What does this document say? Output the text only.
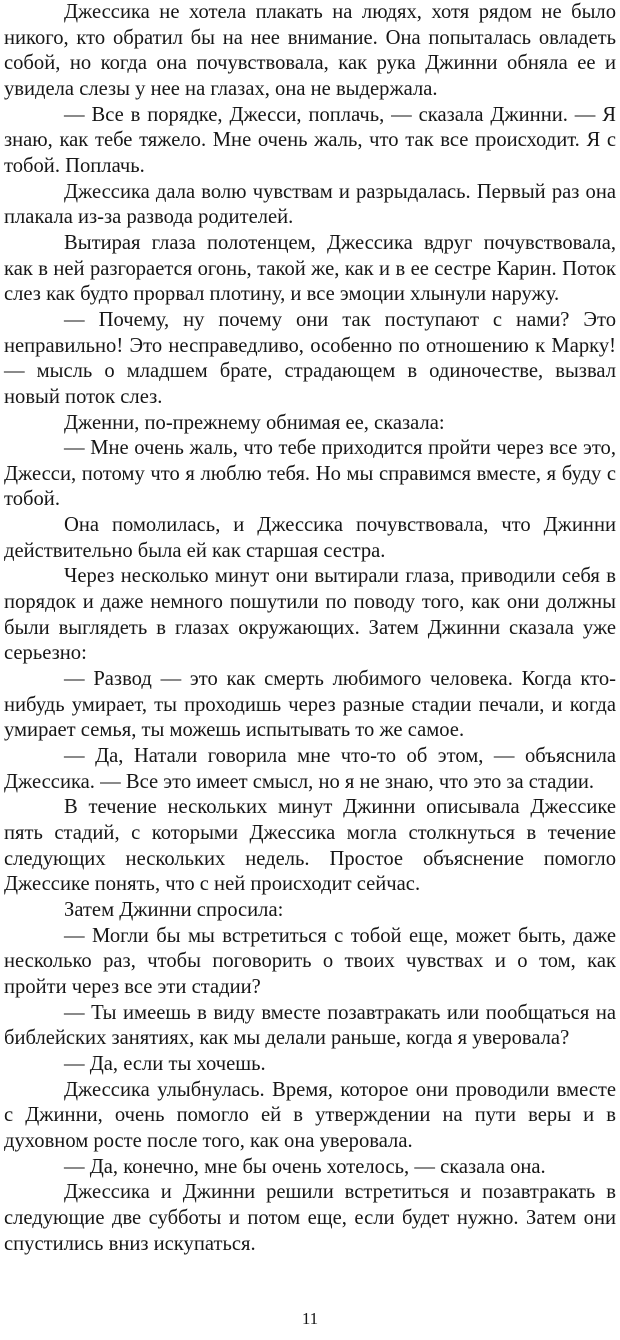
Джессика не хотела плакать на людях, хотя рядом не было никого, кто обратил бы на нее внимание. Она попыталась овладеть собой, но когда она почувствовала, как рука Джинни обняла ее и увидела слезы у нее на глазах, она не выдержала.

— Все в порядке, Джесси, поплачь, — сказала Джинни. — Я знаю, как тебе тяжело. Мне очень жаль, что так все происходит. Я с тобой. Поплачь.

Джессика дала волю чувствам и разрыдалась. Первый раз она плакала из-за развода родителей.

Вытирая глаза полотенцем, Джессика вдруг почувствовала, как в ней разгорается огонь, такой же, как и в ее сестре Карин. Поток слез как будто прорвал плотину, и все эмоции хлынули наружу.

— Почему, ну почему они так поступают с нами? Это неправильно! Это несправедливо, особенно по отношению к Марку! — мысль о младшем брате, страдающем в одиночестве, вызвал новый поток слез.

Дженни, по-прежнему обнимая ее, сказала:

— Мне очень жаль, что тебе приходится пройти через все это, Джесси, потому что я люблю тебя. Но мы справимся вместе, я буду с тобой.

Она помолилась, и Джессика почувствовала, что Джинни действительно была ей как старшая сестра.

Через несколько минут они вытирали глаза, приводили себя в порядок и даже немного пошутили по поводу того, как они должны были выглядеть в глазах окружающих. Затем Джинни сказала уже серьезно:

— Развод — это как смерть любимого человека. Когда кто-нибудь умирает, ты проходишь через разные стадии печали, и когда умирает семья, ты можешь испытывать то же самое.

— Да, Натали говорила мне что-то об этом, — объяснила Джессика. — Все это имеет смысл, но я не знаю, что это за стадии.

В течение нескольких минут Джинни описывала Джессике пять стадий, с которыми Джессика могла столкнуться в течение следующих нескольких недель. Простое объяснение помогло Джессике понять, что с ней происходит сейчас.

Затем Джинни спросила:

— Могли бы мы встретиться с тобой еще, может быть, даже несколько раз, чтобы поговорить о твоих чувствах и о том, как пройти через все эти стадии?

— Ты имеешь в виду вместе позавтракать или пообщаться на библейских занятиях, как мы делали раньше, когда я уверовала?

— Да, если ты хочешь.

Джессика улыбнулась. Время, которое они проводили вместе с Джинни, очень помогло ей в утверждении на пути веры и в духовном росте после того, как она уверовала.

— Да, конечно, мне бы очень хотелось, — сказала она.

Джессика и Джинни решили встретиться и позавтракать в следующие две субботы и потом еще, если будет нужно. Затем они спустились вниз искупаться.

11
